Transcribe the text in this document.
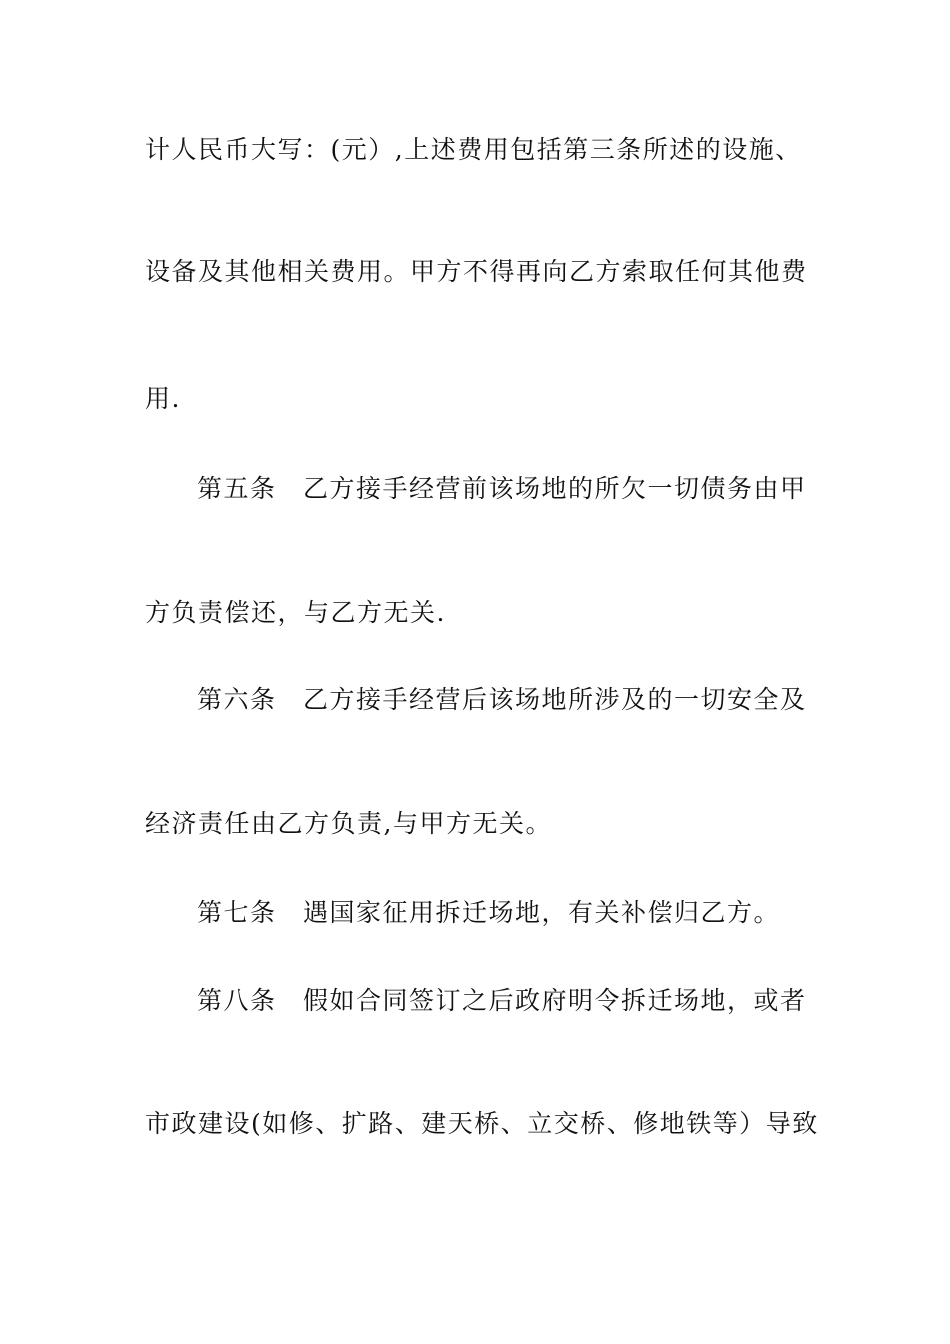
计人民币大写：(元）,上述费用包括第三条所述的设施、
设备及其他相关费用。甲方不得再向乙方索取任何其他费
用.
第五条　乙方接手经营前该场地的所欠一切债务由甲
方负责偿还，与乙方无关.
第六条　乙方接手经营后该场地所涉及的一切安全及
经济责任由乙方负责,与甲方无关。
第七条　遇国家征用拆迁场地，有关补偿归乙方。
第八条　假如合同签订之后政府明令拆迁场地，或者
市政建设(如修、扩路、建天桥、立交桥、修地铁等）导致
